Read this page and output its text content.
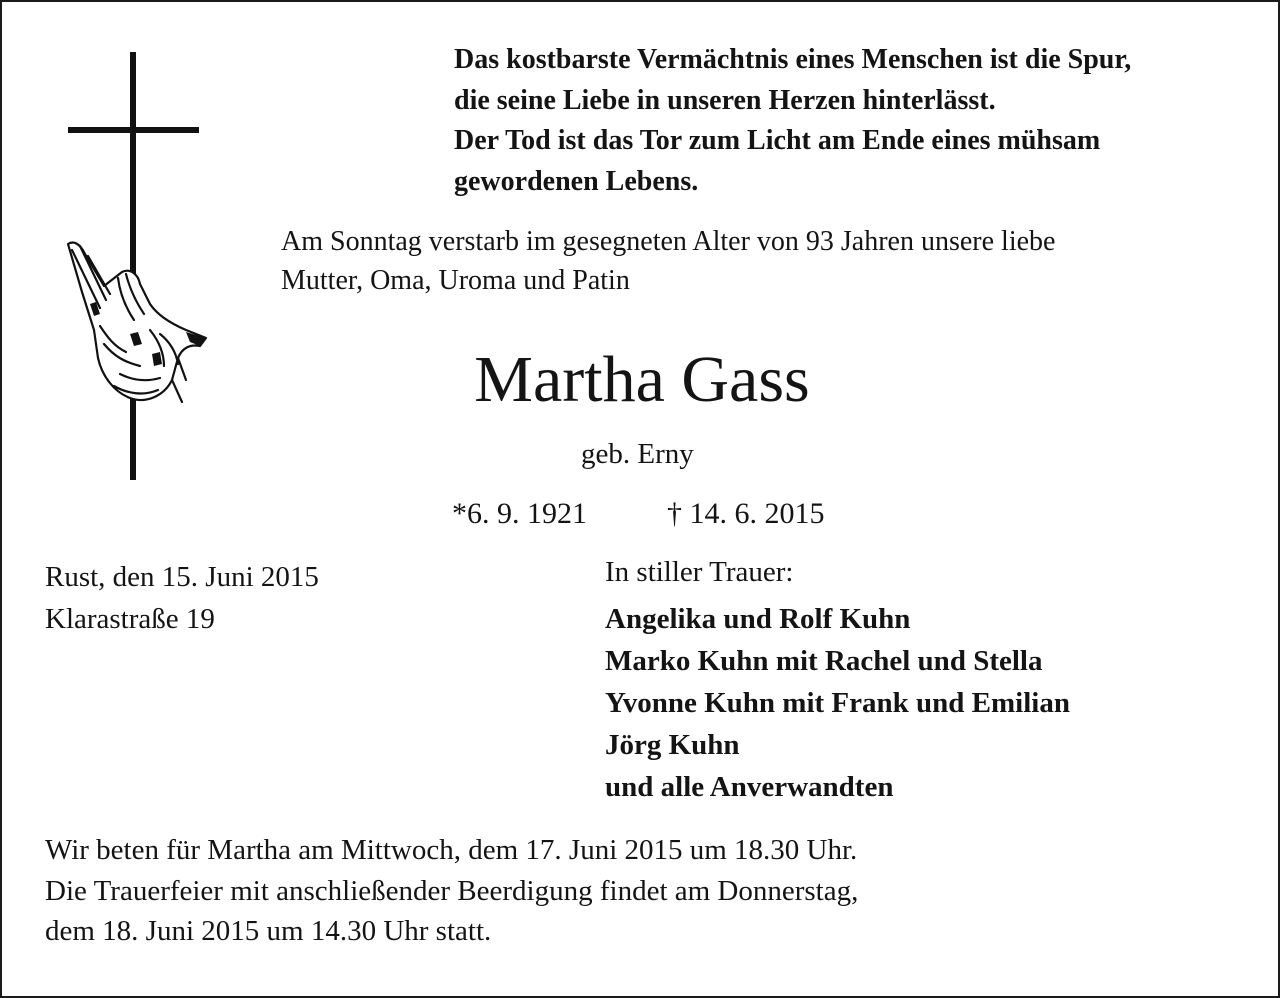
Das kostbarste Vermächtnis eines Menschen ist die Spur,
die seine Liebe in unseren Herzen hinterlässt.
Der Tod ist das Tor zum Licht am Ende eines mühsam
gewordenen Lebens.
Am Sonntag verstarb im gesegneten Alter von 93 Jahren unsere liebe
Mutter, Oma, Uroma und Patin
Martha Gass
geb. Erny
*6. 9. 1921	† 14. 6. 2015
Rust, den 15. Juni 2015
Klarastraße 19
In stiller Trauer:
Angelika und Rolf Kuhn
Marko Kuhn mit Rachel und Stella
Yvonne Kuhn mit Frank und Emilian
Jörg Kuhn
und alle Anverwandten
Wir beten für Martha am Mittwoch, dem 17. Juni 2015 um 18.30 Uhr.
Die Trauerfeier mit anschließender Beerdigung findet am Donnerstag,
dem 18. Juni 2015 um 14.30 Uhr statt.
